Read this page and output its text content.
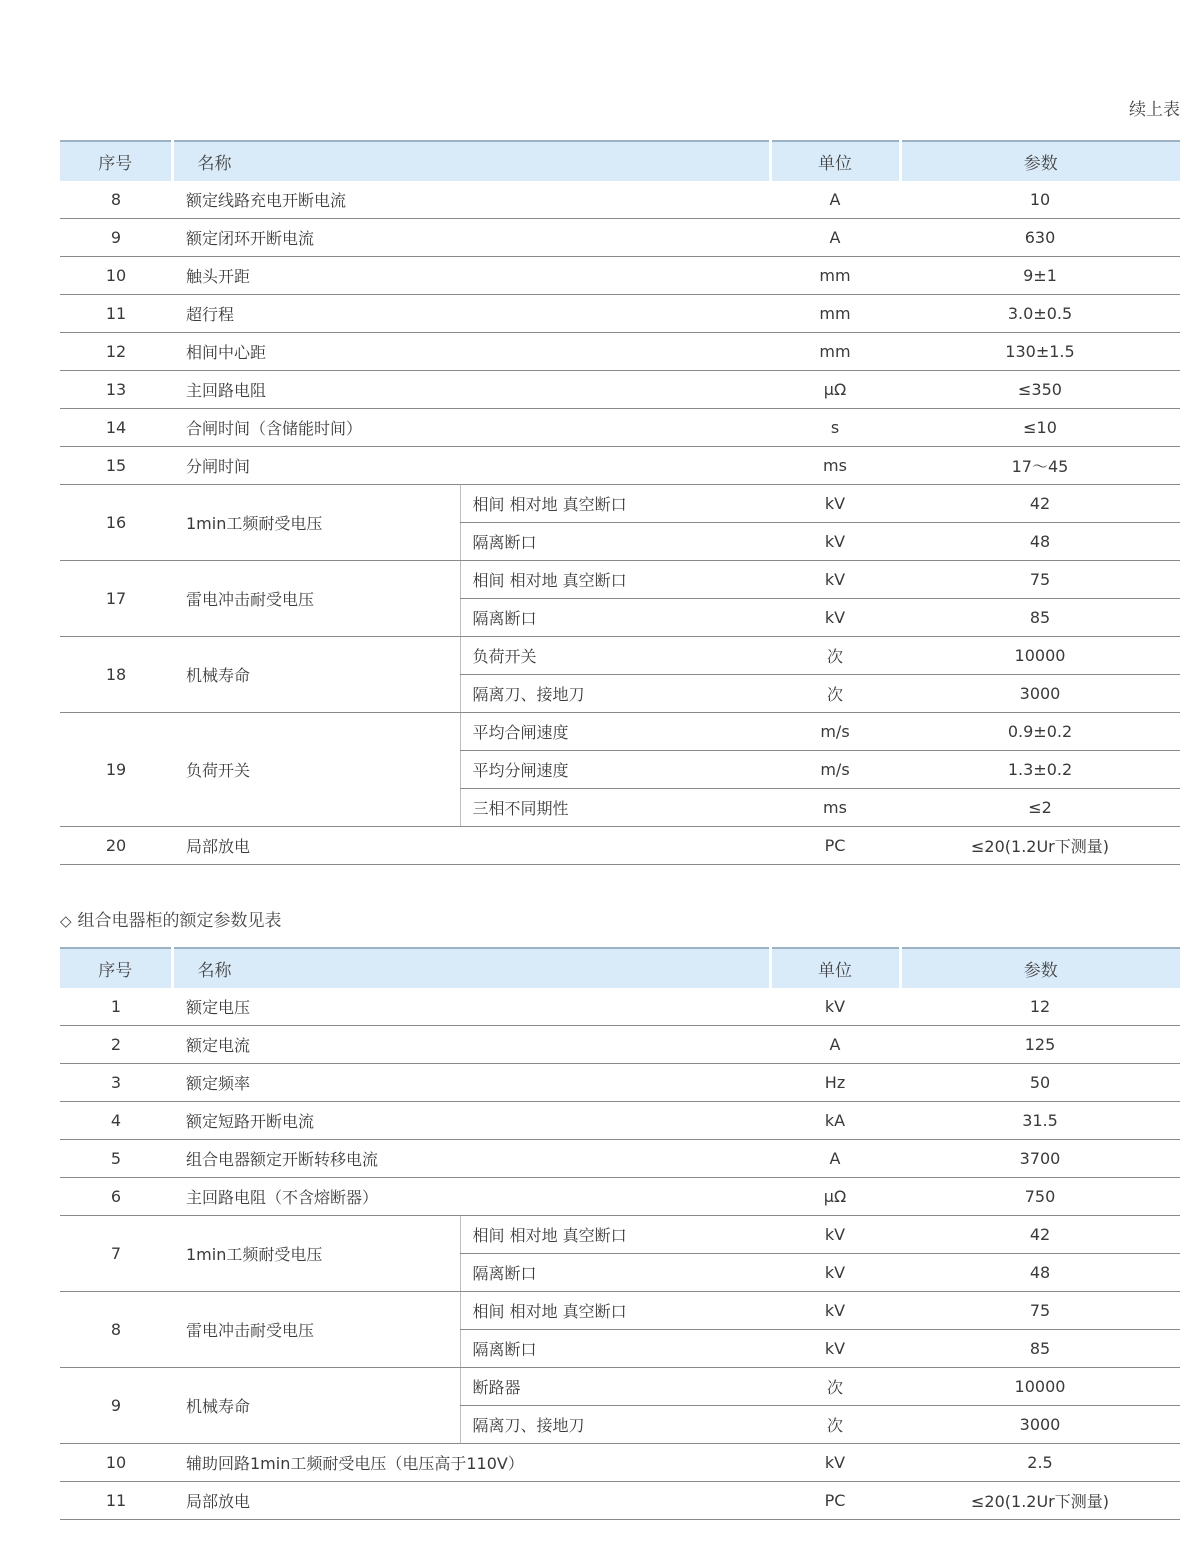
续上表
序号	名称		单位	参数
8	额定线路充电开断电流		A	10
9	额定闭环开断电流		A	630
10	触头开距		mm	9±1
11	超行程		mm	3.0±0.5
12	相间中心距		mm	130±1.5
13	主回路电阻		μΩ	≤350
14	合闸时间（含储能时间）		s	≤10
15	分闸时间		ms	17～45
16	1min工频耐受电压	相间 相对地 真空断口	kV	42
		隔离断口	kV	48
17	雷电冲击耐受电压	相间 相对地 真空断口	kV	75
		隔离断口	kV	85
18	机械寿命	负荷开关	次	10000
		隔离刀、接地刀	次	3000
19	负荷开关	平均合闸速度	m/s	0.9±0.2
		平均分闸速度	m/s	1.3±0.2
		三相不同期性	ms	≤2
20	局部放电		PC	≤20(1.2Ur下测量)
◇ 组合电器柜的额定参数见表
序号	名称		单位	参数
1	额定电压		kV	12
2	额定电流		A	125
3	额定频率		Hz	50
4	额定短路开断电流		kA	31.5
5	组合电器额定开断转移电流		A	3700
6	主回路电阻（不含熔断器）		μΩ	750
7	1min工频耐受电压	相间 相对地 真空断口	kV	42
		隔离断口	kV	48
8	雷电冲击耐受电压	相间 相对地 真空断口	kV	75
		隔离断口	kV	85
9	机械寿命	断路器	次	10000
		隔离刀、接地刀	次	3000
10	辅助回路1min工频耐受电压（电压高于110V）		kV	2.5
11	局部放电		PC	≤20(1.2Ur下测量)
